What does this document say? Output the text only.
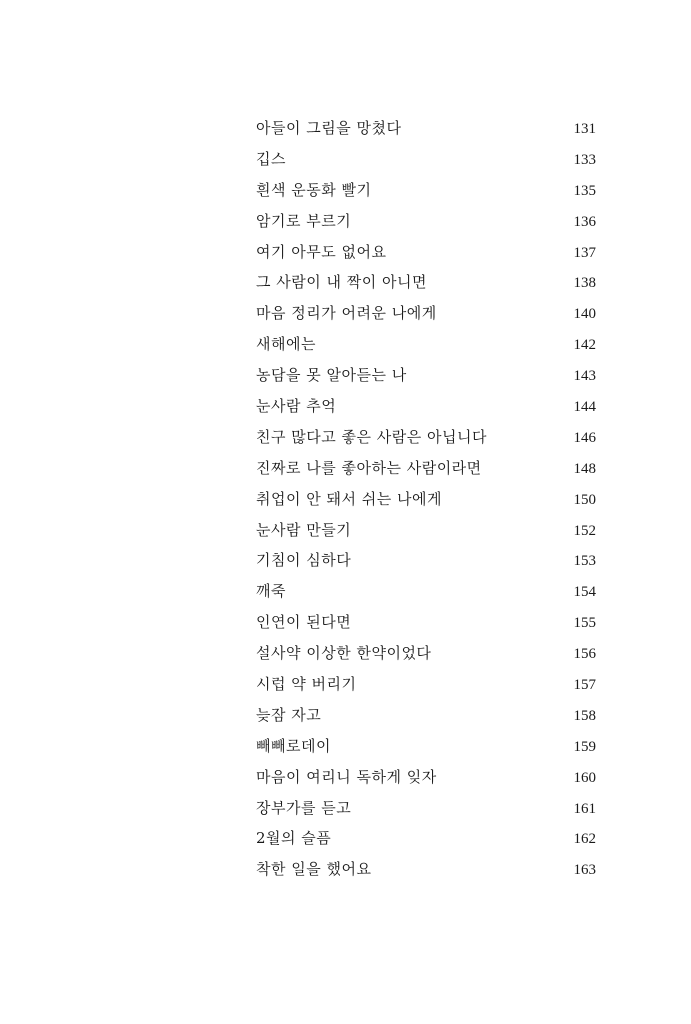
아들이 그림을 망쳤다	131
깁스	133
흰색 운동화 빨기	135
암기로 부르기	136
여기 아무도 없어요	137
그 사람이 내 짝이 아니면	138
마음 정리가 어려운 나에게	140
새해에는	142
농담을 못 알아듣는 나	143
눈사람 추억	144
친구 많다고 좋은 사람은 아닙니다	146
진짜로 나를 좋아하는 사람이라면	148
취업이 안 돼서 쉬는 나에게	150
눈사람 만들기	152
기침이 심하다	153
깨죽	154
인연이 된다면	155
설사약 이상한 한약이었다	156
시럽 약 버리기	157
늦잠 자고	158
빼빼로데이	159
마음이 여리니 독하게 잊자	160
장부가를 듣고	161
2월의 슬픔	162
착한 일을 했어요	163
